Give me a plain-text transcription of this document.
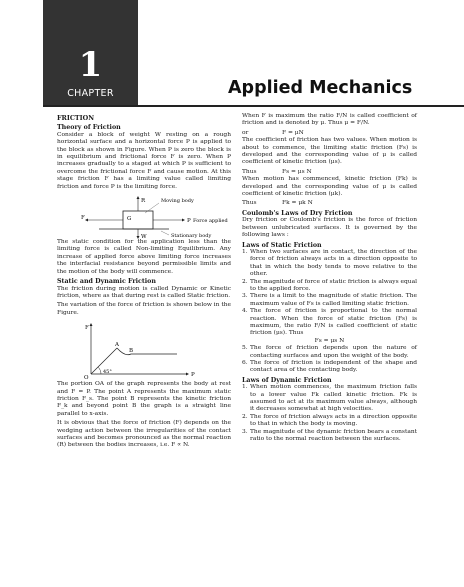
1
CHAPTER	Applied Mechanics
FRICTION
Theory of Friction
Consider a block of weight W resting on a rough horizontal surface and a horizontal force P is applied to the block as shown in Figure. When P is zero the block is in equilibrium and frictional force F is zero. When P increases gradually to a staged at which P is sufficient to overcome the frictional force F and cause motion. At this stage friction F has a limiting value called limiting friction and force P is the limiting force.
R
G
F
W
P
Moving body
Force applied
Stationary body
The static condition for the application less than the limiting force is called Non-limiting Equilibrium. Any increase of applied force above limiting force increases the interfacial resistance beyond permissible limits and the motion of the body will commence.
Static and Dynamic Friction
The friction during motion is called Dynamic or Kinetic friction, where as that during rest is called Static friction.
The variation of the force of friction is shown below in the Figure.
F
A
B
O	P
45°
The portion OA of the graph represents the body at rest and F = P. The point A represents the maximum static friction F_s. The point B represents the kinetic friction F_k and beyond point B the graph is a straight line parallel to x-axis.
It is obvious that the force of friction (F) depends on the wedging action between the irregularities of the contact surfaces and becomes pronounced as the normal reaction (R) between the bodies increases, i.e. F ∝ N.
When F is maximum the ratio F/N is called coefficient of friction and is denoted by μ. Thus μ = F/N.
or	F = μN
The coefficient of friction has two values. When motion is about to commence, the limiting static friction (Fs) is developed and the corresponding value of μ is called coefficient of kinetic friction (μs).
Thus	Fs = μs N
When motion has commenced, kinetic friction (Fk) is developed and the corresponding value of μ is called coefficient of kinetic friction (μk).
Thus	Fk = μk N
Coulomb's Laws of Dry Friction
Dry friction or Coulomb's friction is the force of friction between unlubricated surfaces. It is governed by the following laws :
Laws of Static Friction
1. When two surfaces are in contact, the direction of the force of friction always acts in a direction opposite to that in which the body tends to move relative to the other.
2. The magnitude of force of static friction is always equal to the applied force.
3. There is a limit to the magnitude of static friction. The maximum value of Fs is called limiting static friction.
4. The force of friction is proportional to the normal reaction. When the force of static friction (Fs) is maximum, the ratio F/N is called coefficient of static friction (μs). Thus
Fs = μs N
5. The force of friction depends upon the nature of contacting surfaces and upon the weight of the body.
6. The force of friction is independent of the shape and contact area of the contacting body.
Laws of Dynamic Friction
1. When motion commences, the maximum friction falls to a lower value Fk called kinetic friction. Fk is assumed to act at its maximum value always, although it decreases somewhat at high velocities.
2. The force of friction always acts in a direction opposite to that in which the body is moving.
3. The magnitude of the dynamic friction bears a constant ratio to the normal reaction between the surfaces.
